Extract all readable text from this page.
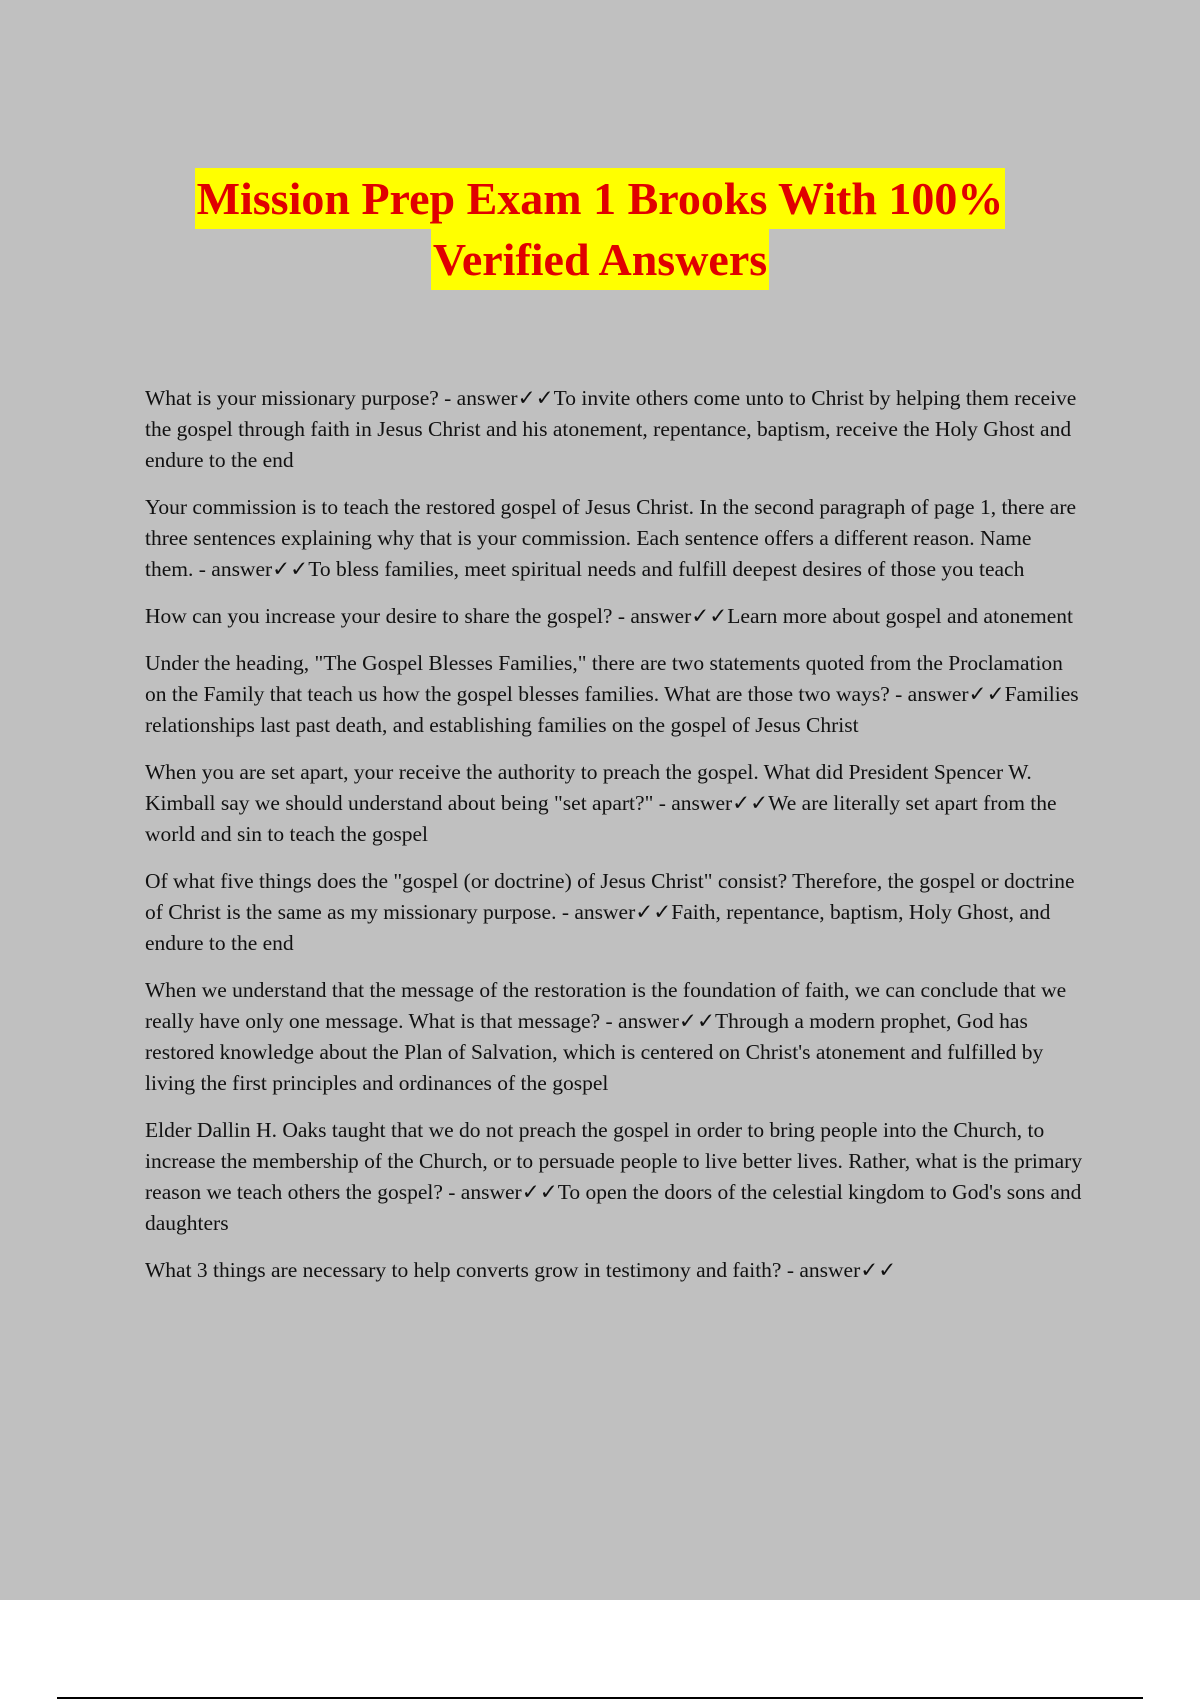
Mission Prep Exam 1 Brooks With 100%
Verified Answers

What is your missionary purpose? - answer✓✓To invite others come unto to Christ by helping them receive the gospel through faith in Jesus Christ and his atonement, repentance, baptism, receive the Holy Ghost and endure to the end

Your commission is to teach the restored gospel of Jesus Christ. In the second paragraph of page 1, there are three sentences explaining why that is your commission. Each sentence offers a different reason. Name them. - answer✓✓To bless families, meet spiritual needs and fulfill deepest desires of those you teach

How can you increase your desire to share the gospel? - answer✓✓Learn more about gospel and atonement

Under the heading, "The Gospel Blesses Families," there are two statements quoted from the Proclamation on the Family that teach us how the gospel blesses families. What are those two ways? - answer✓✓Families relationships last past death, and establishing families on the gospel of Jesus Christ

When you are set apart, your receive the authority to preach the gospel. What did President Spencer W. Kimball say we should understand about being "set apart?" - answer✓✓We are literally set apart from the world and sin to teach the gospel

Of what five things does the "gospel (or doctrine) of Jesus Christ" consist? Therefore, the gospel or doctrine of Christ is the same as my missionary purpose. - answer✓✓Faith, repentance, baptism, Holy Ghost, and endure to the end

When we understand that the message of the restoration is the foundation of faith, we can conclude that we really have only one message. What is that message? - answer✓✓Through a modern prophet, God has restored knowledge about the Plan of Salvation, which is centered on Christ's atonement and fulfilled by living the first principles and ordinances of the gospel

Elder Dallin H. Oaks taught that we do not preach the gospel in order to bring people into the Church, to increase the membership of the Church, or to persuade people to live better lives. Rather, what is the primary reason we teach others the gospel? - answer✓✓To open the doors of the celestial kingdom to God's sons and daughters

What 3 things are necessary to help converts grow in testimony and faith? - answer✓✓
